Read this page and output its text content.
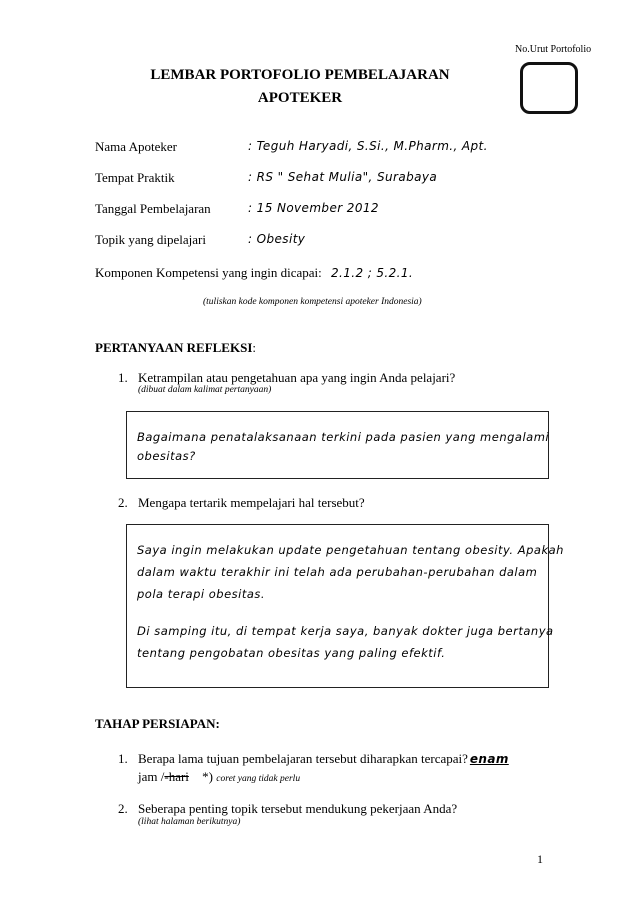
No.Urut Portofolio
LEMBAR PORTOFOLIO PEMBELAJARAN
APOTEKER
Nama Apoteker	: Teguh Haryadi, S.Si., M.Pharm., Apt.
Tempat Praktik	: RS " Sehat Mulia", Surabaya
Tanggal Pembelajaran	: 15 November 2012
Topik yang dipelajari	: Obesity
Komponen Kompetensi yang ingin dicapai: 2.1.2 ; 5.2.1.
(tuliskan kode komponen kompetensi apoteker Indonesia)
PERTANYAAN REFLEKSI:
1. Ketrampilan atau pengetahuan apa yang ingin Anda pelajari?
(dibuat dalam kalimat pertanyaan)
Bagaimana penatalaksanaan terkini pada pasien yang mengalami
obesitas?
2. Mengapa tertarik mempelajari hal tersebut?
Saya ingin melakukan update pengetahuan tentang obesity. Apakah
dalam waktu terakhir ini telah ada perubahan-perubahan dalam
pola terapi obesitas.
Di samping itu, di tempat kerja saya, banyak dokter juga bertanya
tentang pengobatan obesitas yang paling efektif.
TAHAP PERSIAPAN:
1. Berapa lama tujuan pembelajaran tersebut diharapkan tercapai? enam
jam /-hari *) coret yang tidak perlu
2. Seberapa penting topik tersebut mendukung pekerjaan Anda?
(lihat halaman berikutnya)
1
